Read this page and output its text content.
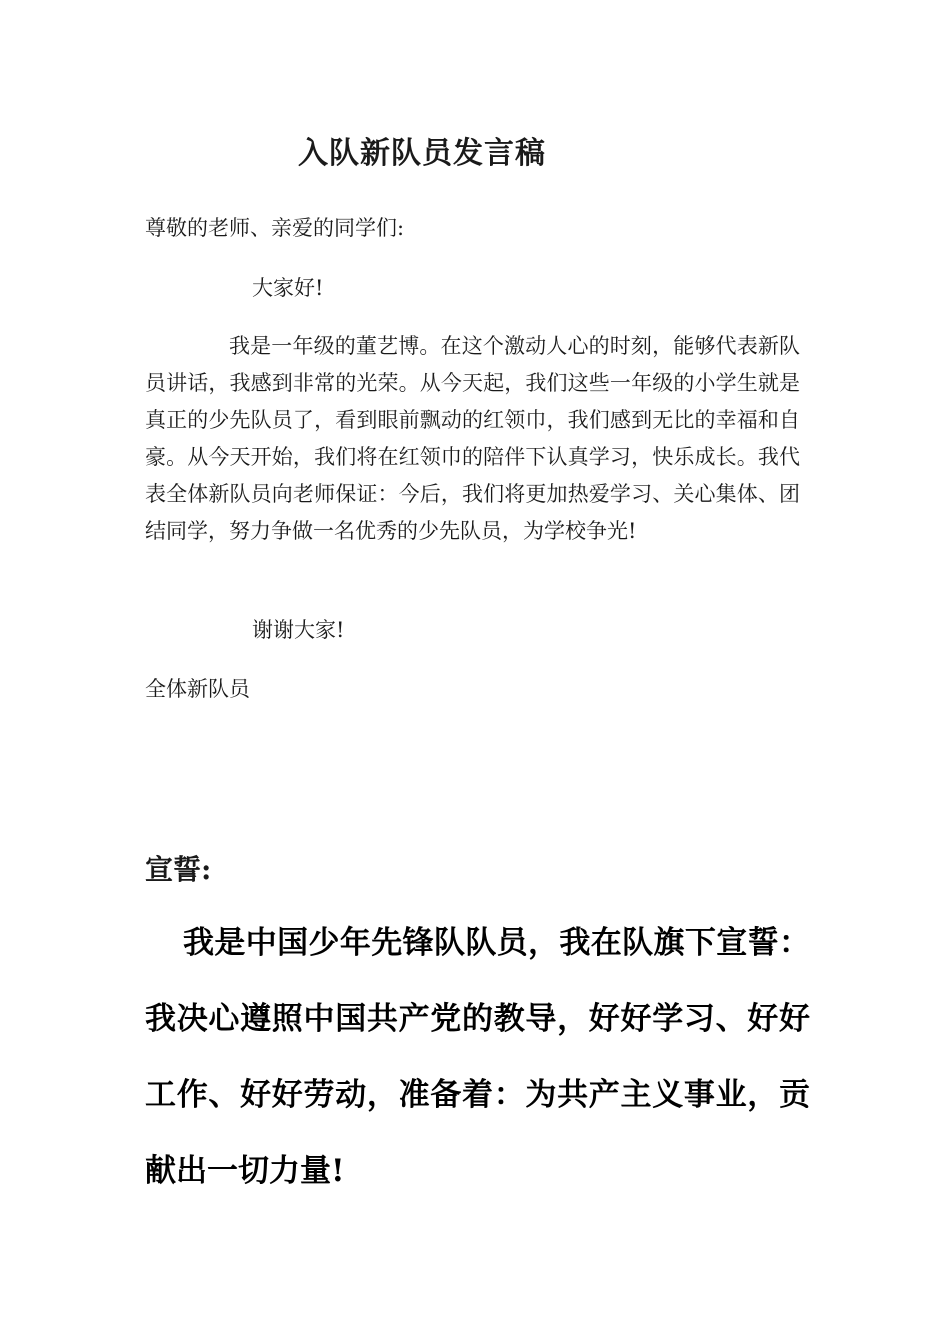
入队新队员发言稿
尊敬的老师、亲爱的同学们:
大家好!
我是一年级的董艺博。在这个激动人心的时刻，能够代表新队员讲话，我感到非常的光荣。从今天起，我们这些一年级的小学生就是真正的少先队员了，看到眼前飘动的红领巾，我们感到无比的幸福和自豪。从今天开始，我们将在红领巾的陪伴下认真学习，快乐成长。我代表全体新队员向老师保证：今后，我们将更加热爱学习、关心集体、团结同学，努力争做一名优秀的少先队员，为学校争光!
谢谢大家!
全体新队员
宣誓:
我是中国少年先锋队队员，我在队旗下宣誓：我决心遵照中国共产党的教导，好好学习、好好工作、好好劳动，准备着：为共产主义事业，贡献出一切力量!
